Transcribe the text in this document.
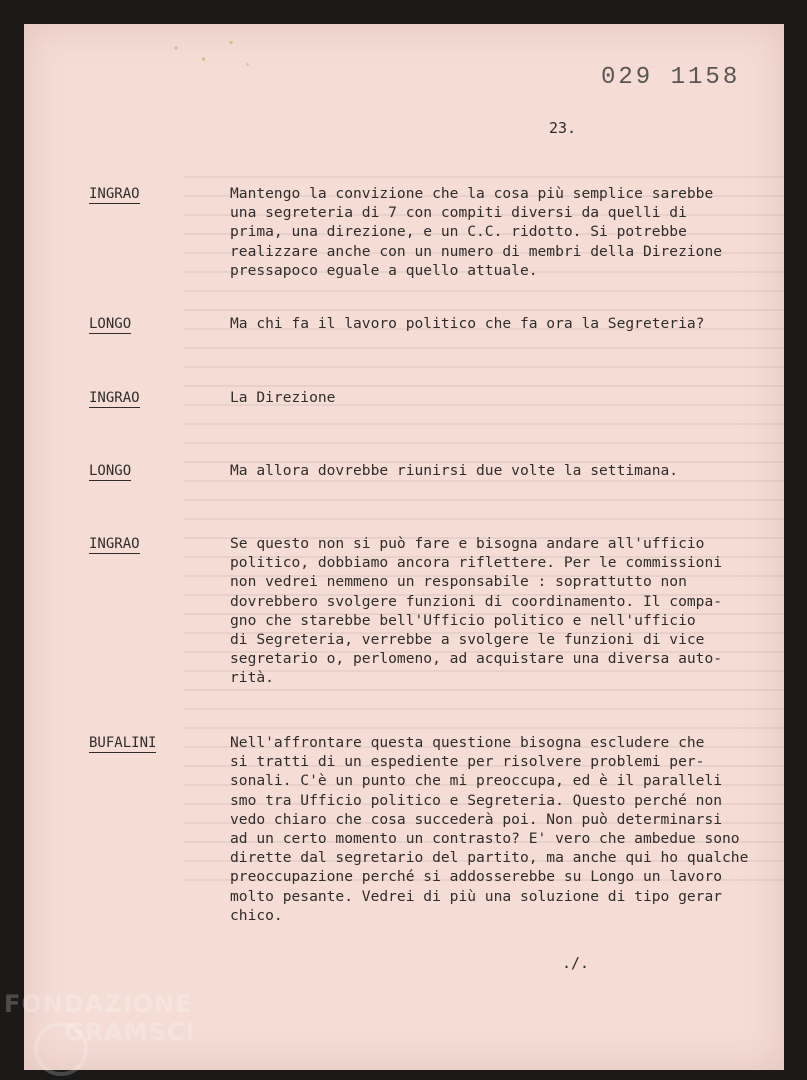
029 1158
23.
INGRAO	Mantengo la convizione che la cosa più semplice sarebbe
una segreteria di 7 con compiti diversi da quelli di
prima, una direzione, e un C.C. ridotto. Si potrebbe
realizzare anche con un numero di membri della Direzione
pressapoco eguale a quello attuale.
LONGO	Ma chi fa il lavoro politico che fa ora la Segreteria?
INGRAO	La Direzione
LONGO	Ma allora dovrebbe riunirsi due volte la settimana.
INGRAO	Se questo non si può fare e bisogna andare all'ufficio
politico, dobbiamo ancora riflettere. Per le commissioni
non vedrei nemmeno un responsabile : soprattutto non
dovrebbero svolgere funzioni di coordinamento. Il compa-
gno che starebbe bell'Ufficio politico e nell'ufficio
di Segreteria, verrebbe a svolgere le funzioni di vice
segretario o, perlomeno, ad acquistare una diversa auto-
rità.
BUFALINI	Nell'affrontare questa questione bisogna escludere che
si tratti di un espediente per risolvere problemi per-
sonali. C'è un punto che mi preoccupa, ed è il paralleli
smo tra Ufficio politico e Segreteria. Questo perché non
vedo chiaro che cosa succederà poi. Non può determinarsi
ad un certo momento un contrasto? E' vero che ambedue sono
dirette dal segretario del partito, ma anche qui ho qualche
preoccupazione perché si addosserebbe su Longo un lavoro
molto pesante. Vedrei di più una soluzione di tipo gerar
chico.
./.
FONDAZIONE
GRAMSCI
